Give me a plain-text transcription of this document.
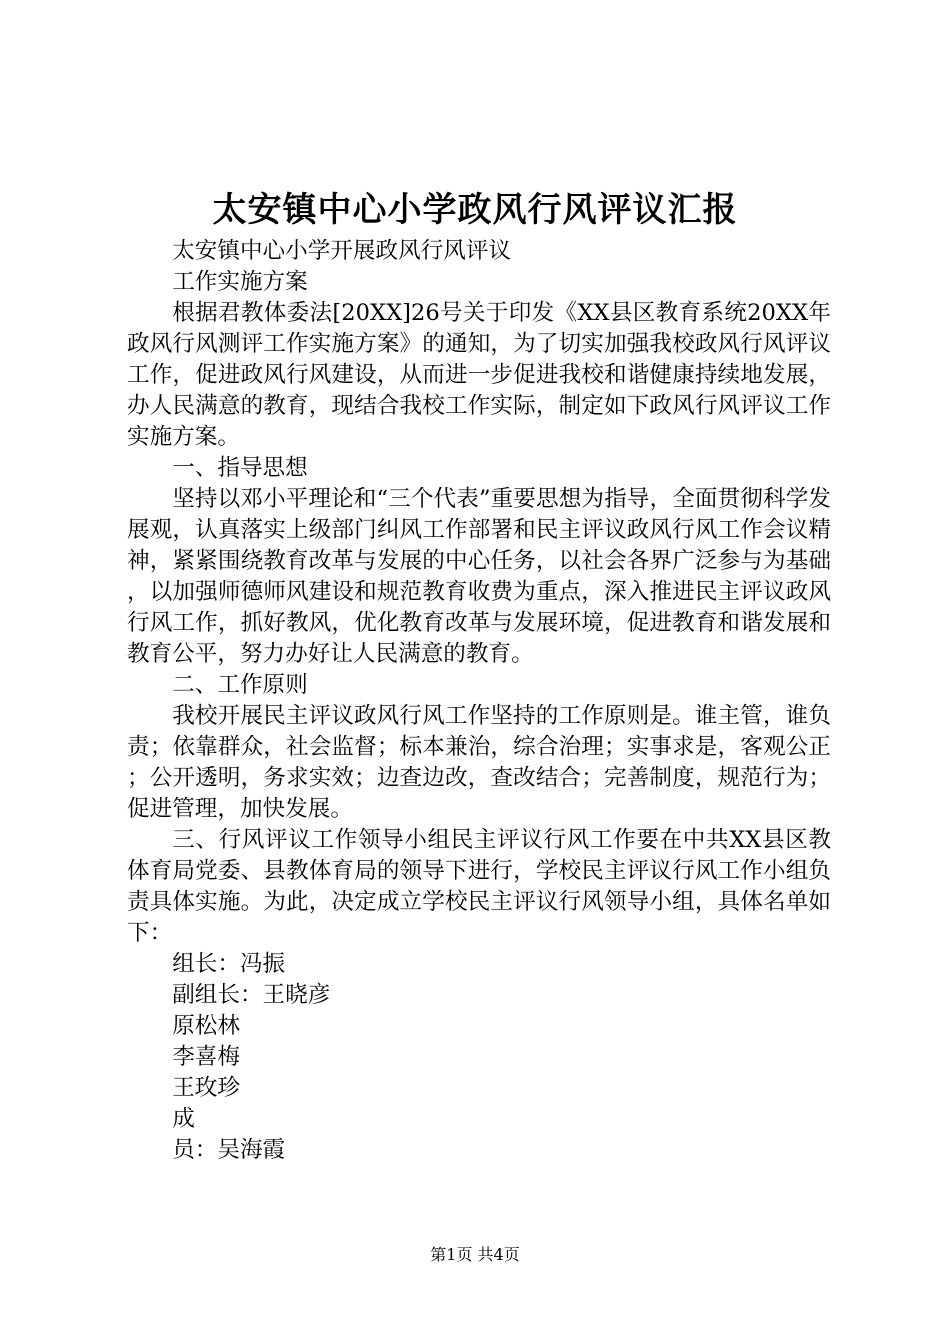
太安镇中心小学政风行风评议汇报

太安镇中心小学开展政风行风评议

工作实施方案

根据君教体委法[20XX]26号关于印发《XX县区教育系统20XX年政风行风测评工作实施方案》的通知，为了切实加强我校政风行风评议工作，促进政风行风建设，从而进一步促进我校和谐健康持续地发展，办人民满意的教育，现结合我校工作实际，制定如下政风行风评议工作实施方案。

一、指导思想

坚持以邓小平理论和“三个代表”重要思想为指导，全面贯彻科学发展观，认真落实上级部门纠风工作部署和民主评议政风行风工作会议精神，紧紧围绕教育改革与发展的中心任务，以社会各界广泛参与为基础，以加强师德师风建设和规范教育收费为重点，深入推进民主评议政风行风工作，抓好教风，优化教育改革与发展环境，促进教育和谐发展和教育公平，努力办好让人民满意的教育。

二、工作原则

我校开展民主评议政风行风工作坚持的工作原则是。谁主管，谁负责；依靠群众，社会监督；标本兼治，综合治理；实事求是，客观公正；公开透明，务求实效；边查边改，查改结合；完善制度，规范行为；促进管理，加快发展。

三、行风评议工作领导小组民主评议行风工作要在中共XX县区教体育局党委、县教体育局的领导下进行，学校民主评议行风工作小组负责具体实施。为此，决定成立学校民主评议行风领导小组，具体名单如下：

组长：冯振

副组长：王晓彦

原松林

李喜梅

王玫珍

成

员：吴海霞

第1页 共4页
